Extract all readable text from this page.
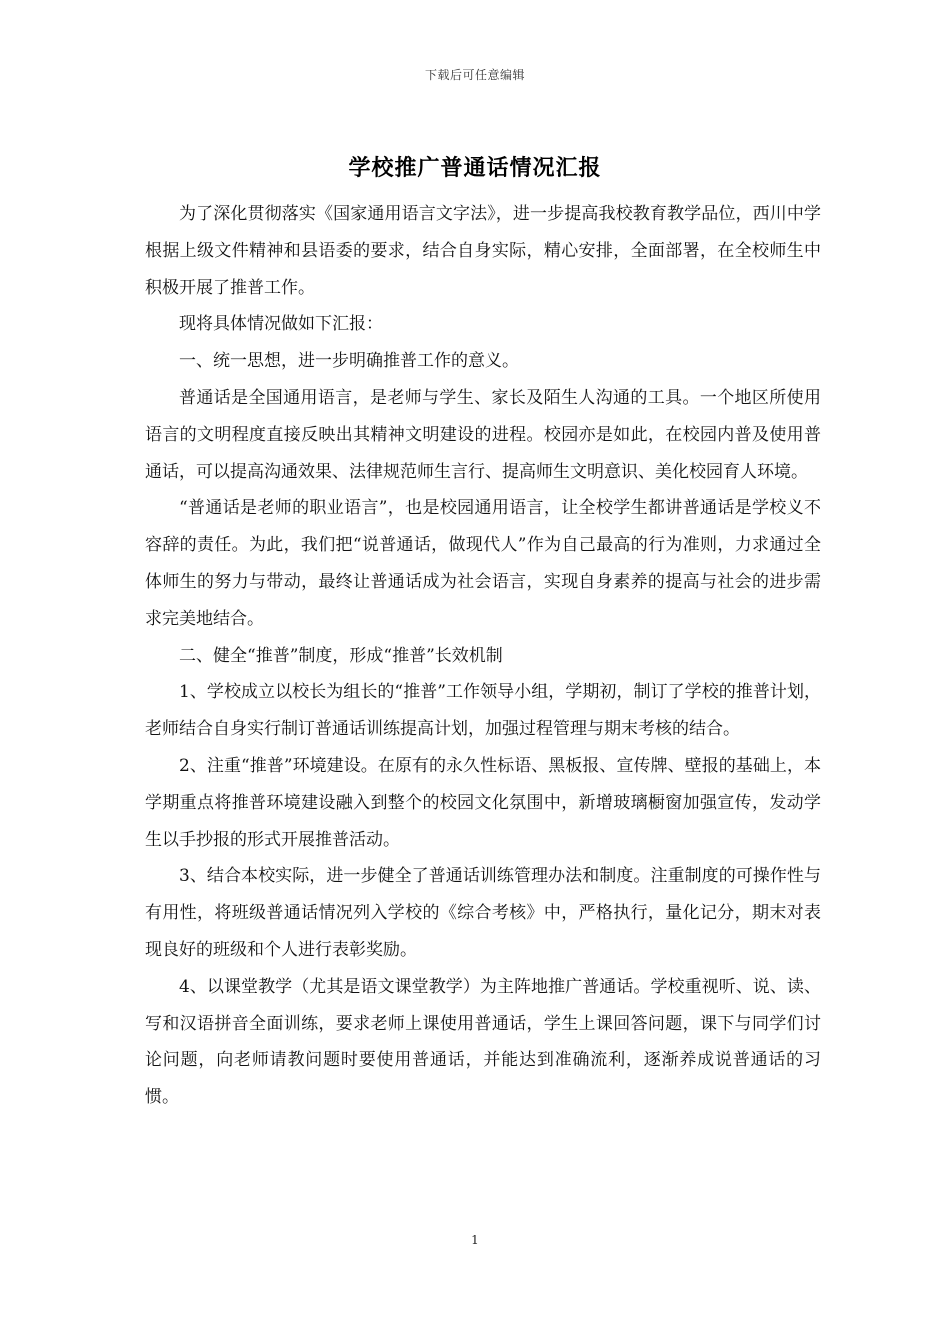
下载后可任意编辑
学校推广普通话情况汇报

为了深化贯彻落实《国家通用语言文字法》，进一步提高我校教育教学品位，西川中学根据上级文件精神和县语委的要求，结合自身实际，精心安排，全面部署，在全校师生中积极开展了推普工作。

现将具体情况做如下汇报：

一、统一思想，进一步明确推普工作的意义。

普通话是全国通用语言，是老师与学生、家长及陌生人沟通的工具。一个地区所使用语言的文明程度直接反映出其精神文明建设的进程。校园亦是如此，在校园内普及使用普通话，可以提高沟通效果、法律规范师生言行、提高师生文明意识、美化校园育人环境。

“普通话是老师的职业语言”，也是校园通用语言，让全校学生都讲普通话是学校义不容辞的责任。为此，我们把“说普通话，做现代人”作为自己最高的行为准则，力求通过全体师生的努力与带动，最终让普通话成为社会语言，实现自身素养的提高与社会的进步需求完美地结合。

二、健全“推普”制度，形成“推普”长效机制

1、学校成立以校长为组长的“推普”工作领导小组，学期初，制订了学校的推普计划，老师结合自身实行制订普通话训练提高计划，加强过程管理与期末考核的结合。

2、注重“推普”环境建设。在原有的永久性标语、黑板报、宣传牌、壁报的基础上，本学期重点将推普环境建设融入到整个的校园文化氛围中，新增玻璃橱窗加强宣传，发动学生以手抄报的形式开展推普活动。

3、结合本校实际，进一步健全了普通话训练管理办法和制度。注重制度的可操作性与有用性，将班级普通话情况列入学校的《综合考核》中，严格执行，量化记分，期末对表现良好的班级和个人进行表彰奖励。

4、以课堂教学（尤其是语文课堂教学）为主阵地推广普通话。学校重视听、说、读、写和汉语拼音全面训练，要求老师上课使用普通话，学生上课回答问题，课下与同学们讨论问题，向老师请教问题时要使用普通话，并能达到准确流利，逐渐养成说普通话的习惯。

1
